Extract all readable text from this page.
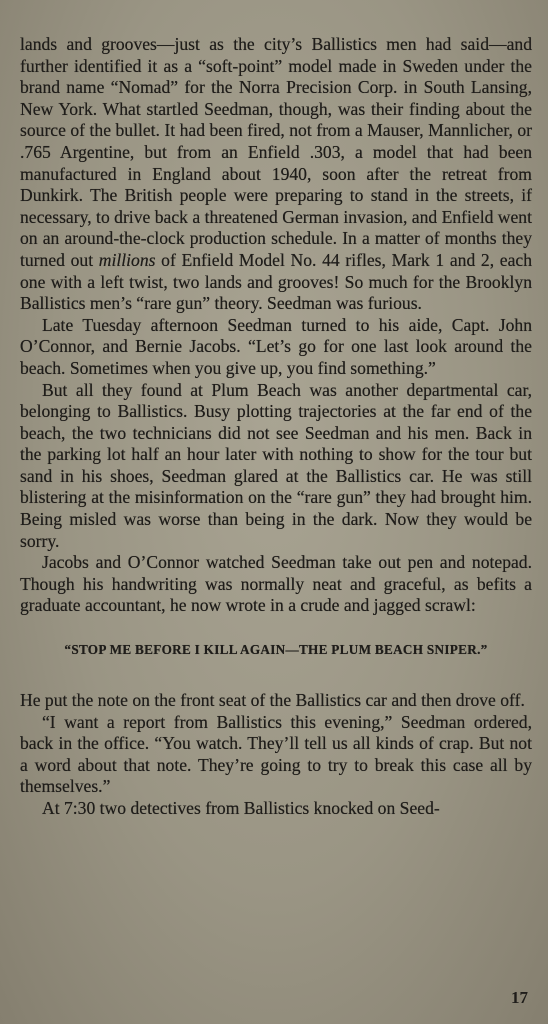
lands and grooves—just as the city’s Ballistics men had said—and further identified it as a “soft-point” model made in Sweden under the brand name “Nomad” for the Norra Precision Corp. in South Lansing, New York. What startled Seedman, though, was their finding about the source of the bullet. It had been fired, not from a Mauser, Mannlicher, or .765 Argentine, but from an Enfield .303, a model that had been manufactured in England about 1940, soon after the retreat from Dunkirk. The British people were preparing to stand in the streets, if necessary, to drive back a threatened German invasion, and Enfield went on an around-the-clock production schedule. In a matter of months they turned out millions of Enfield Model No. 44 rifles, Mark 1 and 2, each one with a left twist, two lands and grooves! So much for the Brooklyn Ballistics men’s “rare gun” theory. Seedman was furious.

Late Tuesday afternoon Seedman turned to his aide, Capt. John O’Connor, and Bernie Jacobs. “Let’s go for one last look around the beach. Sometimes when you give up, you find something.”

But all they found at Plum Beach was another departmental car, belonging to Ballistics. Busy plotting trajectories at the far end of the beach, the two technicians did not see Seedman and his men. Back in the parking lot half an hour later with nothing to show for the tour but sand in his shoes, Seedman glared at the Ballistics car. He was still blistering at the misinformation on the “rare gun” they had brought him. Being misled was worse than being in the dark. Now they would be sorry.

Jacobs and O’Connor watched Seedman take out pen and notepad. Though his handwriting was normally neat and graceful, as befits a graduate accountant, he now wrote in a crude and jagged scrawl:

“STOP ME BEFORE I KILL AGAIN—THE PLUM BEACH SNIPER.”

He put the note on the front seat of the Ballistics car and then drove off.

“I want a report from Ballistics this evening,” Seedman ordered, back in the office. “You watch. They’ll tell us all kinds of crap. But not a word about that note. They’re going to try to break this case all by themselves.”

At 7:30 two detectives from Ballistics knocked on Seed-

17
